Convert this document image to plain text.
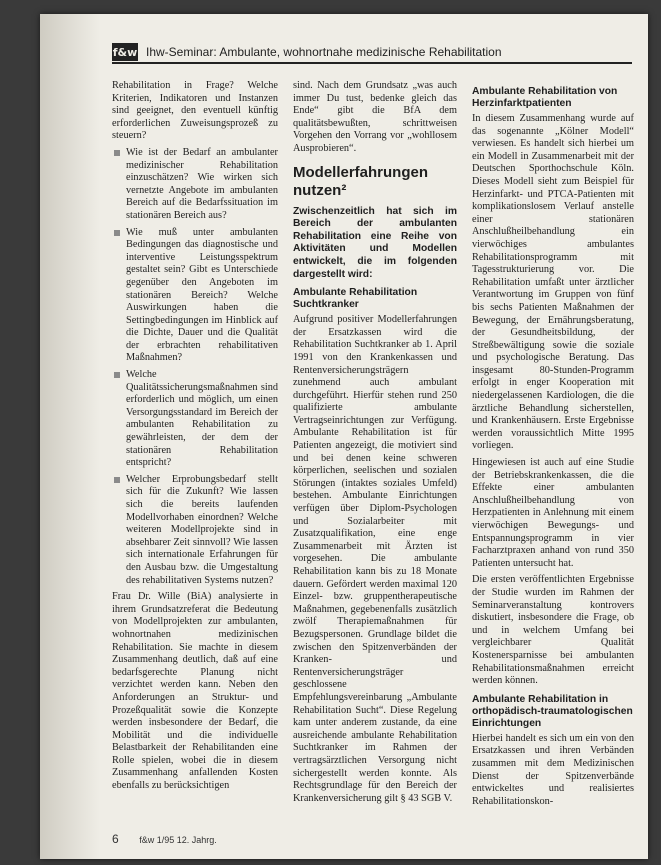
f&w Ihw-Seminar: Ambulante, wohnortnahe medizinische Rehabilitation

Rehabilitation in Frage? Welche Kriterien, Indikatoren und Instanzen sind geeignet, den eventuell künftig erforderlichen Zuweisungsprozeß zu steuern?

Wie ist der Bedarf an ambulanter medizinischer Rehabilitation einzuschätzen? Wie wirken sich vernetzte Angebote im ambulanten Bereich auf die Bedarfssituation im stationären Bereich aus?

Wie muß unter ambulanten Bedingungen das diagnostische und interventive Leistungsspektrum gestaltet sein? Gibt es Unterschiede gegenüber den Angeboten im stationären Bereich? Welche Auswirkungen haben die Settingbedingungen im Hinblick auf die Dichte, Dauer und die Qualität der erbrachten rehabilitativen Maßnahmen?

Welche Qualitätssicherungsmaßnahmen sind erforderlich und möglich, um einen Versorgungsstandard im Bereich der ambulanten Rehabilitation zu gewährleisten, der dem der stationären Rehabilitation entspricht?

Welcher Erprobungsbedarf stellt sich für die Zukunft? Wie lassen sich die bereits laufenden Modellvorhaben einordnen? Welche weiteren Modellprojekte sind in absehbarer Zeit sinnvoll? Wie lassen sich internationale Erfahrungen für den Ausbau bzw. die Umgestaltung des rehabilitativen Systems nutzen?

Frau Dr. Wille (BiA) analysierte in ihrem Grundsatzreferat die Bedeutung von Modellprojekten zur ambulanten, wohnortnahen medizinischen Rehabilitation. Sie machte in diesem Zusammenhang deutlich, daß auf eine bedarfsgerechte Planung nicht verzichtet werden kann. Neben den Anforderungen an Struktur- und Prozeßqualität sowie die Konzepte werden insbesondere der Bedarf, die Mobilität und die individuelle Belastbarkeit der Rehabilitanden eine Rolle spielen, wobei die in diesem Zusammenhang anfallenden Kosten ebenfalls zu berücksichtigen

sind. Nach dem Grundsatz „was auch immer Du tust, bedenke gleich das Ende“ gibt die BfA dem qualitätsbewußten, schrittweisen Vorgehen den Vorrang vor „wohllosem Ausprobieren“.

Modellerfahrungen nutzen²

Zwischenzeitlich hat sich im Bereich der ambulanten Rehabilitation eine Reihe von Aktivitäten und Modellen entwickelt, die im folgenden dargestellt wird:

Ambulante Rehabilitation Suchtkranker

Aufgrund positiver Modellerfahrungen der Ersatzkassen wird die Rehabilitation Suchtkranker ab 1. April 1991 von den Krankenkassen und Rentenversicherungsträgern zunehmend auch ambulant durchgeführt. Hierfür stehen rund 250 qualifizierte ambulante Vertragseinrichtungen zur Verfügung. Ambulante Rehabilitation ist für Patienten angezeigt, die motiviert sind und bei denen keine schweren körperlichen, seelischen und sozialen Störungen (intaktes soziales Umfeld) bestehen. Ambulante Einrichtungen verfügen über Diplom-Psychologen und Sozialarbeiter mit Zusatzqualifikation, eine enge Zusammenarbeit mit Ärzten ist vorgesehen. Die ambulante Rehabilitation kann bis zu 18 Monate dauern. Gefördert werden maximal 120 Einzel- bzw. gruppentherapeutische Maßnahmen, gegebenenfalls zusätzlich zwölf Therapiemaßnahmen für Bezugspersonen. Grundlage bildet die zwischen den Spitzenverbänden der Kranken- und Rentenversicherungsträger geschlossene Empfehlungsvereinbarung „Ambulante Rehabilitation Sucht“. Diese Regelung kam unter anderem zustande, da eine ausreichende ambulante Rehabilitation Suchtkranker im Rahmen der vertragsärztlichen Versorgung nicht sichergestellt werden konnte. Als Rechtsgrundlage für den Bereich der Krankenversicherung gilt § 43 SGB V.

Ambulante Rehabilitation von Herzinfarktpatienten

In diesem Zusammenhang wurde auf das sogenannte „Kölner Modell“ verwiesen. Es handelt sich hierbei um ein Modell in Zusammenarbeit mit der Deutschen Sporthochschule Köln. Dieses Modell sieht zum Beispiel für Herzinfarkt- und PTCA-Patienten mit komplikationslosem Verlauf anstelle einer stationären Anschlußheilbehandlung ein vierwöchiges ambulantes Rehabilitationsprogramm mit Tagesstrukturierung vor. Die Rehabilitation umfaßt unter ärztlicher Verantwortung im Gruppen von fünf bis sechs Patienten Maßnahmen der Bewegung, der Ernährungsberatung, der Gesundheitsbildung, der Streßbewältigung sowie die soziale und psychologische Beratung. Das insgesamt 80-Stunden-Programm erfolgt in enger Kooperation mit niedergelassenen Kardiologen, die die ärztliche Behandlung sicherstellen, und Krankenhäusern. Erste Ergebnisse werden voraussichtlich Mitte 1995 vorliegen.

Hingewiesen ist auch auf eine Studie der Betriebskrankenkassen, die die Effekte einer ambulanten Anschlußheilbehandlung von Herzpatienten in Anlehnung mit einem vierwöchigen Bewegungs- und Entspannungsprogramm in vier Facharztpraxen anhand von rund 350 Patienten untersucht hat.

Die ersten veröffentlichten Ergebnisse der Studie wurden im Rahmen der Seminarveranstaltung kontrovers diskutiert, insbesondere die Frage, ob und in welchem Umfang bei vergleichbarer Qualität Kostenersparnisse bei ambulanten Rehabilitationsmaßnahmen erreicht werden können.

Ambulante Rehabilitation in orthopädisch-traumatologischen Einrichtungen

Hierbei handelt es sich um ein von den Ersatzkassen und ihren Verbänden zusammen mit dem Medizinischen Dienst der Spitzenverbände entwickeltes und realisiertes Rehabilitationskon-

6 f&w 1/95 12. Jahrg.
